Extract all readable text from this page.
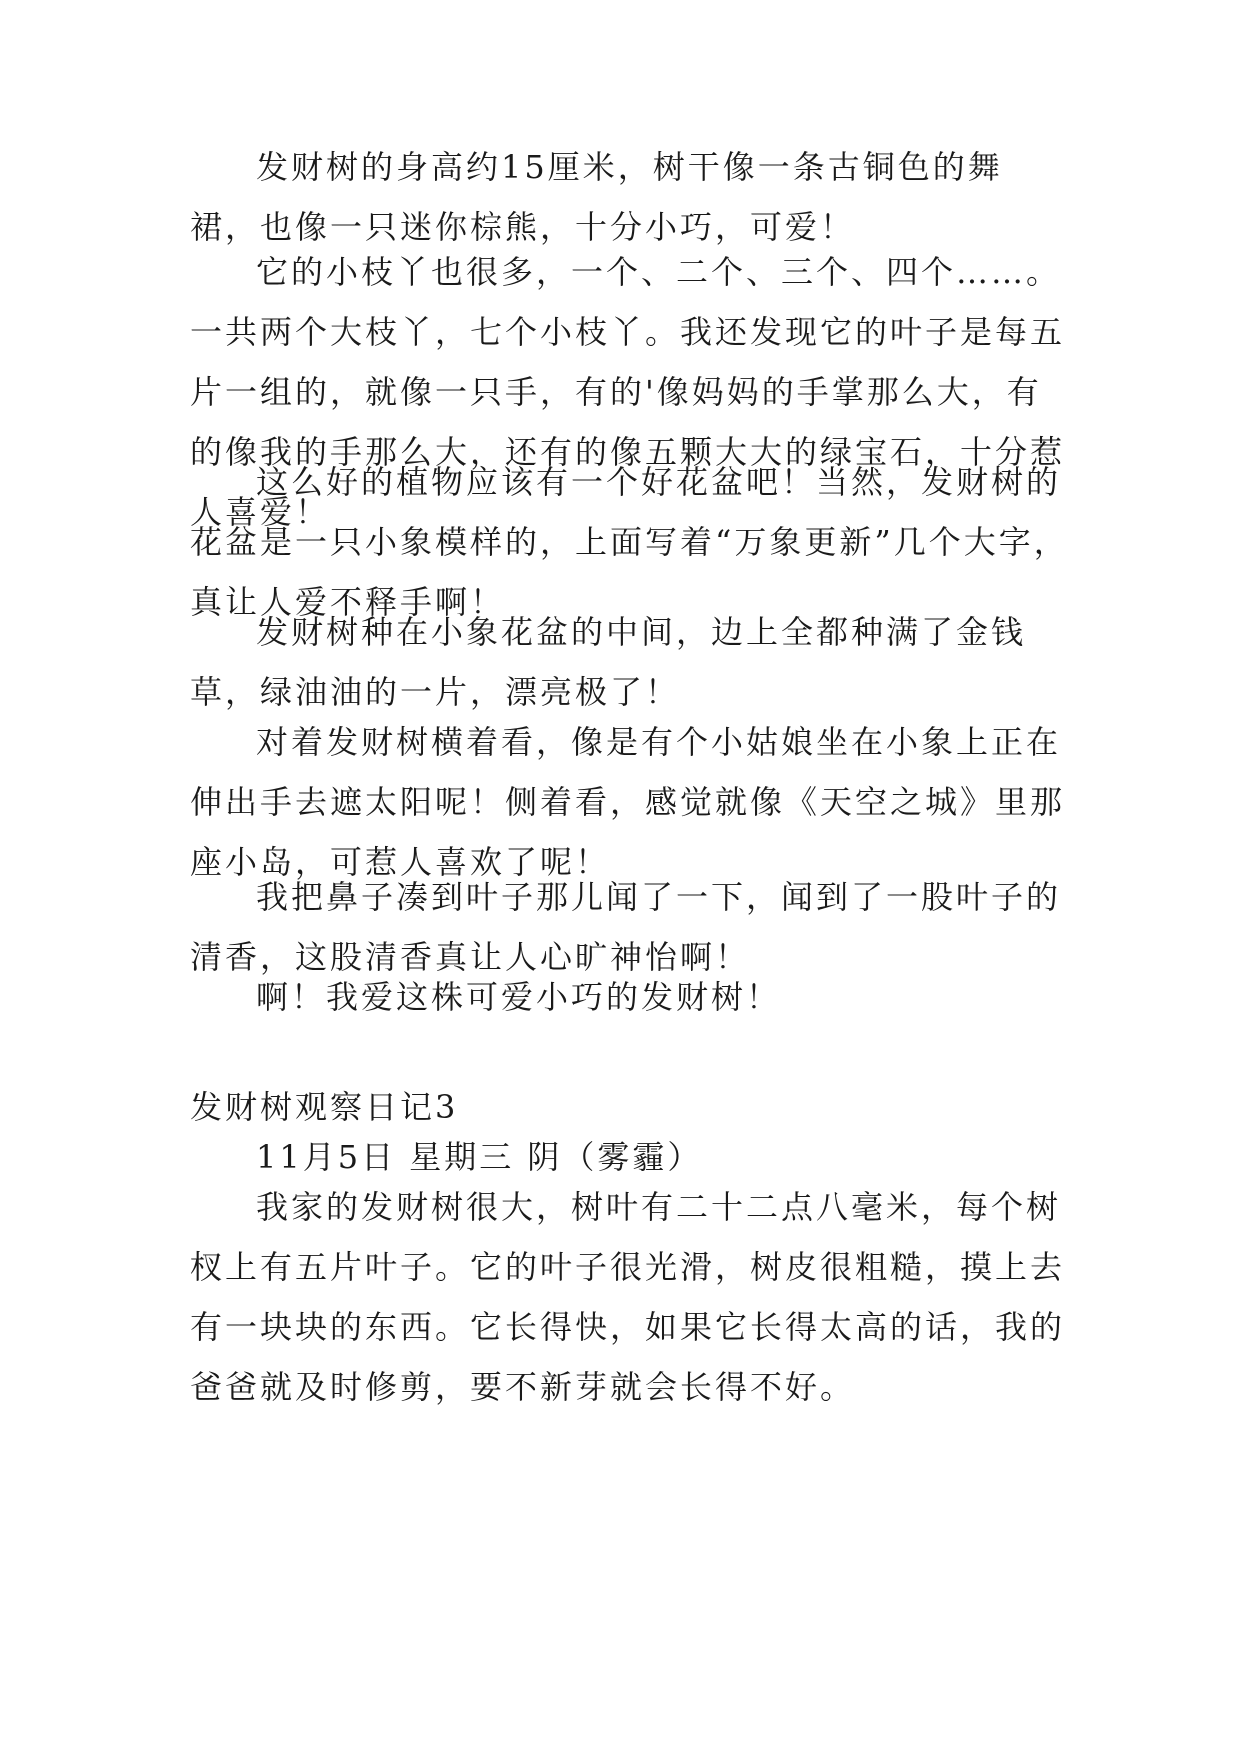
发财树的身高约15厘米，树干像一条古铜色的舞裙，也像一只迷你棕熊，十分小巧，可爱！

它的小枝丫也很多，一个、二个、三个、四个……。一共两个大枝丫，七个小枝丫。我还发现它的叶子是每五片一组的，就像一只手，有的'像妈妈的手掌那么大，有的像我的手那么大，还有的像五颗大大的绿宝石，十分惹人喜爱！

这么好的植物应该有一个好花盆吧！当然，发财树的花盆是一只小象模样的，上面写着“万象更新”几个大字，真让人爱不释手啊！

发财树种在小象花盆的中间，边上全都种满了金钱草，绿油油的一片，漂亮极了！

对着发财树横着看，像是有个小姑娘坐在小象上正在伸出手去遮太阳呢！侧着看，感觉就像《天空之城》里那座小岛，可惹人喜欢了呢！

我把鼻子凑到叶子那儿闻了一下，闻到了一股叶子的清香，这股清香真让人心旷神怡啊！

啊！我爱这株可爱小巧的发财树！

发财树观察日记3

11月5日 星期三 阴（雾霾）

我家的发财树很大，树叶有二十二点八毫米，每个树杈上有五片叶子。它的叶子很光滑，树皮很粗糙，摸上去有一块块的东西。它长得快，如果它长得太高的话，我的爸爸就及时修剪，要不新芽就会长得不好。
